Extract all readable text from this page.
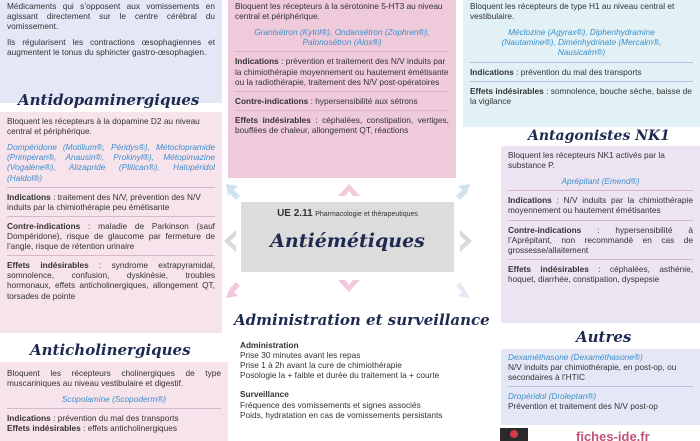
Médicaments qui s’opposent aux vomissements en agissant directement sur le centre cérébral du vomissement.
Ils régularisent les contractions œsophagiennes et augmentent le tonus du sphincter gastro-œsophagien.
Bloquent les récepteurs à la sérotonine 5-HT3 au niveau central et périphérique.
Granisétron (Kytril®), Ondansétron (Zophren®), Palonosétron (Alox®)
Indications : prévention et traitement des N/V induits par la chimiothérapie moyennement ou hautement émétisante ou la radiothérapie, traitement des N/V post-opératoires
Contre-indications : hypersensibilité aux sétrons
Effets indésirables : céphalées, constipation, vertiges, bouffées de chaleur, allongement QT, réactions
Bloquent les récepteurs de type H1 au niveau central et vestibulaire.
Méclozine (Agyrax®), Diphenhydramine (Nautamine®), Diménhydrinate (Mercalm®, Nausicalm®)
Indications : prévention du mal des transports
Effets indésirables : somnolence, bouche sèche, baisse de la vigilance
Antidopaminergiques
Bloquent les récepteurs à la dopamine D2 au niveau central et périphérique.
Dompéridone (Motilium®, Péridys®), Métoclopramide (Primpéran®, Anausin®, Prokinyl®), Métopimazine (Vogalène®), Alizapride (Plitican®), Halopéridol (Haldol®)
Indications : traitement des N/V, prévention des N/V induits par la chimiothérapie peu émétisante
Contre-indications : maladie de Parkinson (sauf Dompéridone), risque de glaucome par fermeture de l’angle, risque de rétention urinaire
Effets indésirables : syndrome extrapyramidal, somnolence, confusion, dyskinésie, troubles hormonaux, effets anticholinergiques, allongement QT, torsades de pointe
Antagonistes NK1
Bloquent les récepteurs NK1 activés par la substance P.
Aprépitant (Emend®)
Indications : N/V induits par la chimiothérapie moyennement ou hautement émétisantes
Contre-indications : hypersensibilité à l’Aprépitant, non recommandé en cas de grossesse/allaitement
Effets indésirables : céphalées, asthénie, hoquet, diarrhée, constipation, dyspepsie
UE 2.11 Pharmacologie et thérapeutiques
Antiémétiques
Administration et surveillance
Administration
Prise 30 minutes avant les repas
Prise 1 à 2h avant la cure de chimiothérapie
Posologie la + faible et durée du traitement la + courte
Surveillance
Fréquence des vomissements et signes associés
Poids, hydratation en cas de vomissements persistants
Anticholinergiques
Bloquent les récepteurs cholinergiques de type muscariniques au niveau vestibulaire et digestif.
Scopolamine (Scopoderm®)
Indications : prévention du mal des transports
Effets indésirables : effets anticholinergiques
Autres
Dexaméthasone (Dexaméthasone®)
N/V induits par chimiothérapie, en post-op, ou secondaires à l’HTIC
Dropéridol (Droleptan®)
Prévention et traitement des N/V post-op
fiches-ide.fr
